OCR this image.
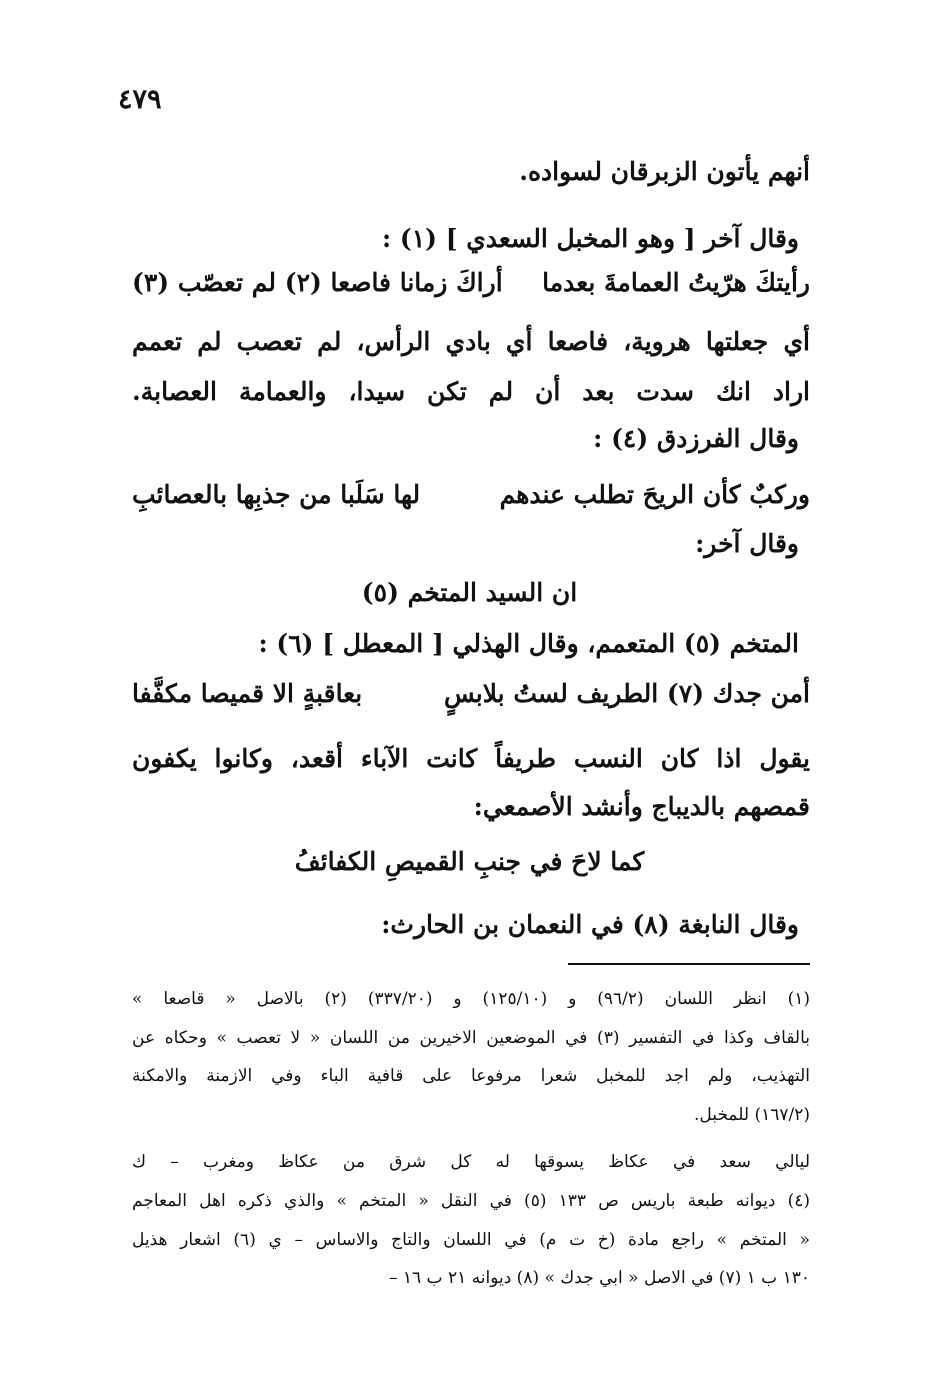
٤٧٩
أنهم يأتون الزبرقان لسواده.
وقال آخر [ وهو المخبل السعدي ] (١) :
رأيتكَ هرّيتُ العمامةَ بعدما
أراكَ زمانا فاصعا (٢) لم تعصّب (٣)
أي جعلتها هروية، فاصعا أي بادي الرأس، لم تعصب لم تعمم
اراد انك سدت بعد أن لم تكن سيدا، والعمامة العصابة.
وقال الفرزدق (٤) :
وركبٌ كأن الريحَ تطلب عندهم
لها سَلَبا من جذبِها بالعصائبِ
وقال آخر:
ان السيد المتخم (٥)
المتخم (٥) المتعمم، وقال الهذلي [ المعطل ] (٦) :
أمن جدك (٧) الطريف لستُ بلابسٍ
بعاقبةٍ الا قميصا مكفَّفا
يقول اذا كان النسب طريفاً كانت الآباء أقعد، وكانوا يكفون
قمصهم بالديباج وأنشد الأصمعي:
كما لاحَ في جنبِ القميصِ الكفائفُ
وقال النابغة (٨) في النعمان بن الحارث:
(١) انظر اللسان (٩٦/٢) و (١٢٥/١٠) و (٣٣٧/٢٠) (٢) بالاصل « قاصعا »
بالقاف وكذا في التفسير (٣) في الموضعين الاخيرين من اللسان « لا تعصب » وحكاه عن
التهذيب، ولم اجد للمخبل شعرا مرفوعا على قافية الباء وفي الازمنة والامكنة
(١٦٧/٢) للمخبل.
ليالي سعد في عكاظ يسوقها له كل شرق من عكاظ ومغرب – ك
(٤) ديوانه طبعة باريس ص ١٣٣ (٥) في النقل « المتخم » والذي ذكره اهل المعاجم
« المتخم » راجع مادة (خ ت م) في اللسان والتاج والاساس – ي (٦) اشعار هذيل
١٣٠ ب ١ (٧) في الاصل « ابي جدك » (٨) ديوانه ٢١ ب ١٦ –
